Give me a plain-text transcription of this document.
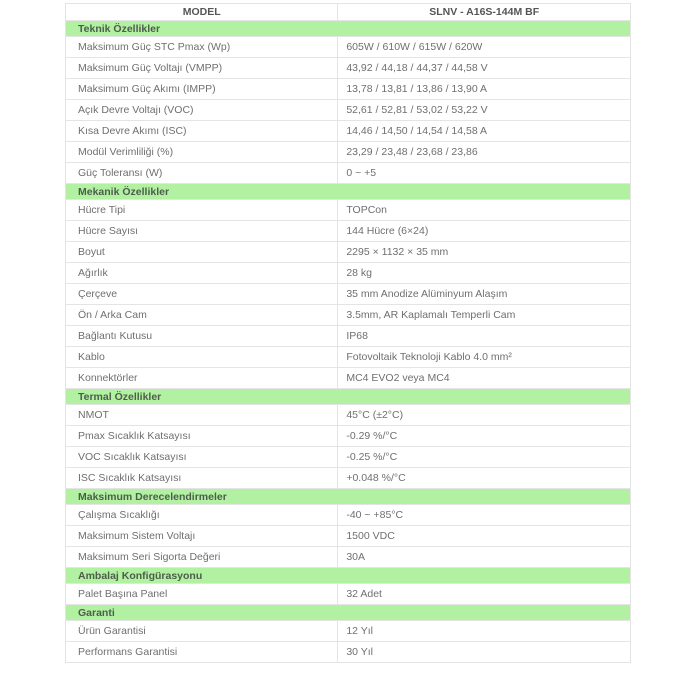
MODEL	SLNV - A16S-144M BF
Teknik Özellikler	
Maksimum Güç STC Pmax (Wp)	605W / 610W / 615W / 620W
Maksimum Güç Voltajı (VMPP)	43,92 / 44,18 / 44,37 / 44,58 V
Maksimum Güç Akımı (IMPP)	13,78 / 13,81 / 13,86 / 13,90 A
Açık Devre Voltajı (VOC)	52,61 / 52,81 / 53,02 / 53,22 V
Kısa Devre Akımı (ISC)	14,46 / 14,50 / 14,54 / 14,58 A
Modül Verimliliği (%)	23,29 / 23,48 / 23,68 / 23,86
Güç Toleransı (W)	0 ~ +5
Mekanik Özellikler	
Hücre Tipi	TOPCon
Hücre Sayısı	144 Hücre (6×24)
Boyut	2295 × 1132 × 35 mm
Ağırlık	28 kg
Çerçeve	35 mm Anodize Alüminyum Alaşım
Ön / Arka Cam	3.5mm, AR Kaplamalı Temperli Cam
Bağlantı Kutusu	IP68
Kablo	Fotovoltaik Teknoloji Kablo 4.0 mm²
Konnektörler	MC4 EVO2 veya MC4
Termal Özellikler	
NMOT	45°C (±2°C)
Pmax Sıcaklık Katsayısı	-0.29 %/°C
VOC Sıcaklık Katsayısı	-0.25 %/°C
ISC Sıcaklık Katsayısı	+0.048 %/°C
Maksimum Derecelendirmeler	
Çalışma Sıcaklığı	-40 ~ +85°C
Maksimum Sistem Voltajı	1500 VDC
Maksimum Seri Sigorta Değeri	30A
Ambalaj Konfigürasyonu	
Palet Başına Panel	32 Adet
Garanti	
Ürün Garantisi	12 Yıl
Performans Garantisi	30 Yıl
